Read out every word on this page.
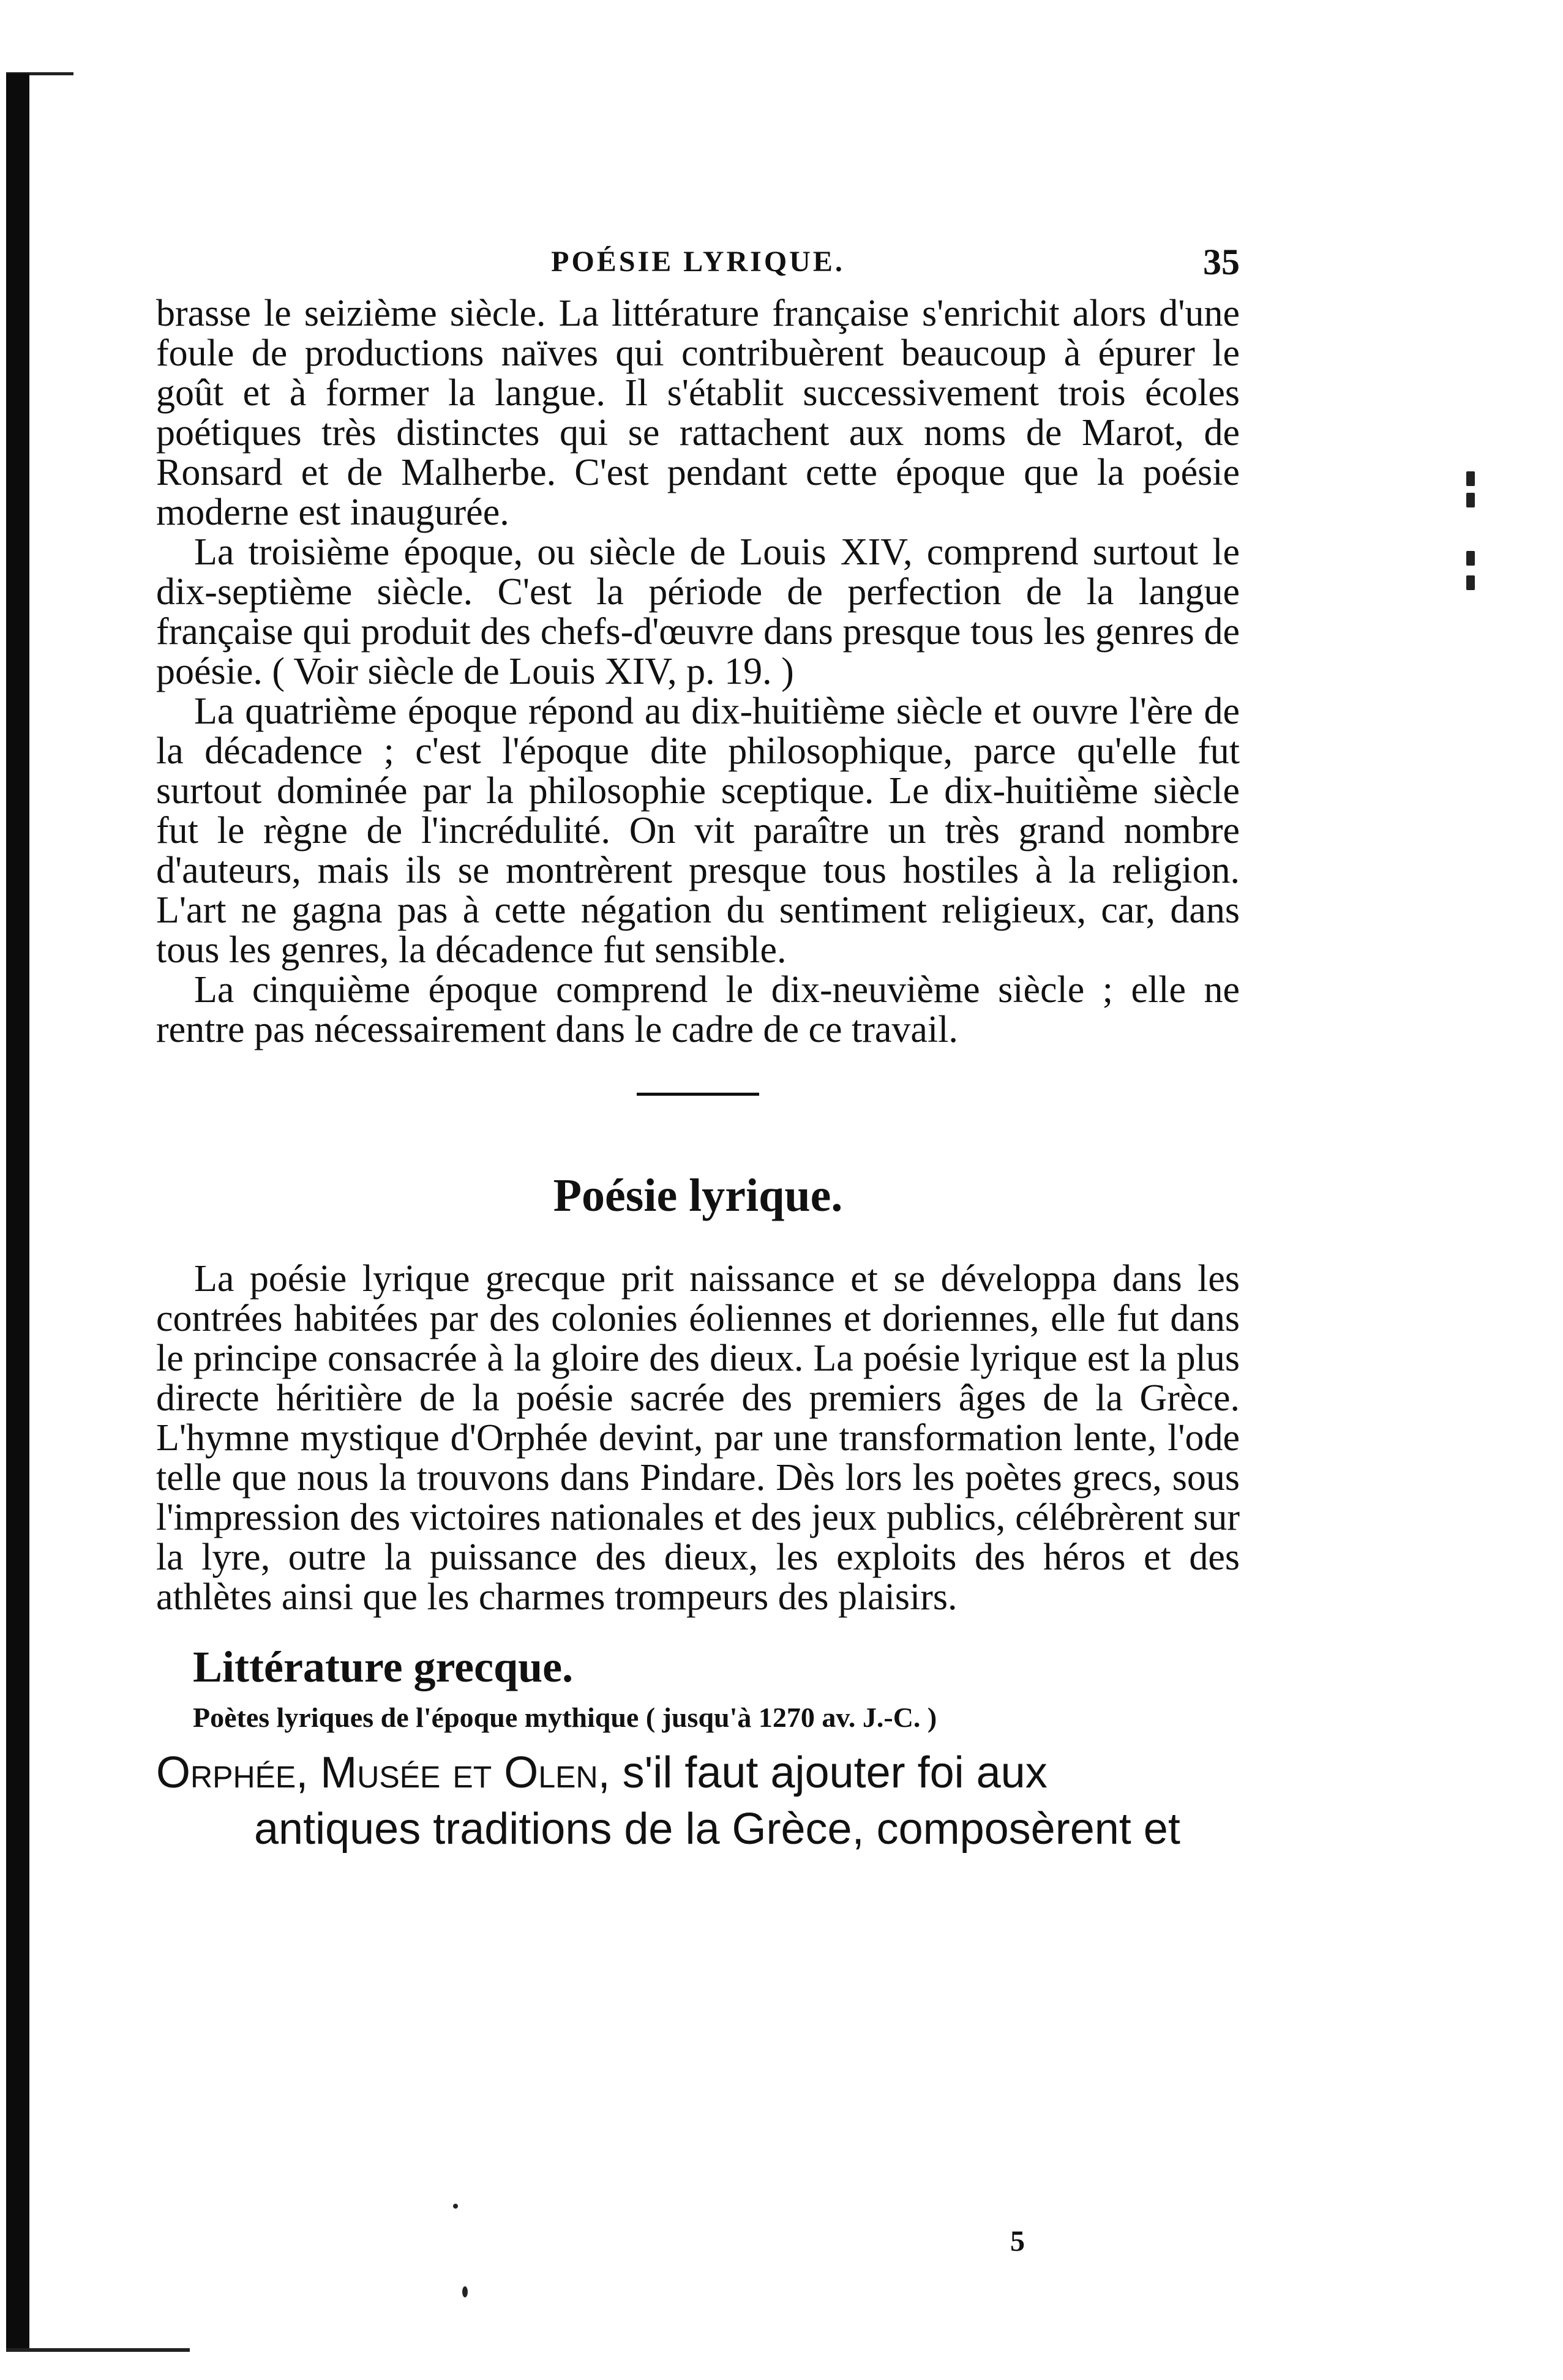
POÉSIE LYRIQUE.	35

brasse le seizième siècle. La littérature française s'enrichit alors d'une foule de productions naïves qui contribuèrent beaucoup à épurer le goût et à former la langue. Il s'établit successivement trois écoles poétiques très distinctes qui se rattachent aux noms de Marot, de Ronsard et de Malherbe. C'est pendant cette époque que la poésie moderne est inaugurée.

La troisième époque, ou siècle de Louis XIV, comprend surtout le dix-septième siècle. C'est la période de perfection de la langue française qui produit des chefs-d'œuvre dans presque tous les genres de poésie. ( Voir siècle de Louis XIV, p. 19. )

La quatrième époque répond au dix-huitième siècle et ouvre l'ère de la décadence ; c'est l'époque dite philosophique, parce qu'elle fut surtout dominée par la philosophie sceptique. Le dix-huitième siècle fut le règne de l'incrédulité. On vit paraître un très grand nombre d'auteurs, mais ils se montrèrent presque tous hostiles à la religion. L'art ne gagna pas à cette négation du sentiment religieux, car, dans tous les genres, la décadence fut sensible.

La cinquième époque comprend le dix-neuvième siècle ; elle ne rentre pas nécessairement dans le cadre de ce travail.

Poésie lyrique.

La poésie lyrique grecque prit naissance et se développa dans les contrées habitées par des colonies éoliennes et doriennes, elle fut dans le principe consacrée à la gloire des dieux. La poésie lyrique est la plus directe héritière de la poésie sacrée des premiers âges de la Grèce. L'hymne mystique d'Orphée devint, par une transformation lente, l'ode telle que nous la trouvons dans Pindare. Dès lors les poètes grecs, sous l'impression des victoires nationales et des jeux publics, célébrèrent sur la lyre, outre la puissance des dieux, les exploits des héros et des athlètes ainsi que les charmes trompeurs des plaisirs.

Littérature grecque.
Poètes lyriques de l'époque mythique ( jusqu'à 1270 av. J.-C. )
Orphée, Musée et Olen, s'il faut ajouter foi aux
antiques traditions de la Grèce, composèrent et
5
